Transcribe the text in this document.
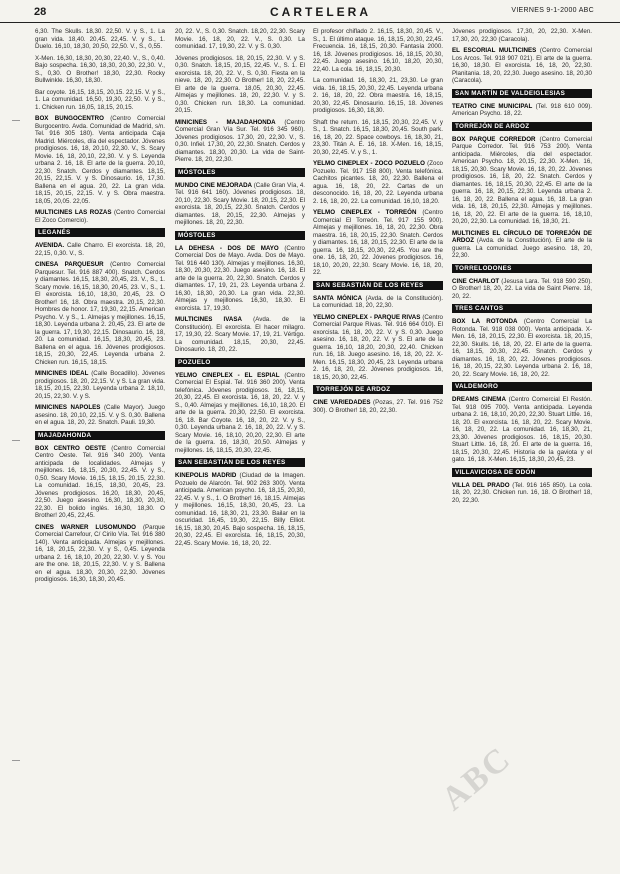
28	CARTELERA	VIERNES 9-1-2000 ABC

6,30. The Skulls. 18,30. 22,50. V. y S., 1. La gran vida. 18,40. 20,45. 22,45. V. y S., 1. Duelo. 16,10, 18,30, 20,50, 22,50. V., S., 0,55.

X-Men. 16,30, 18,30, 20,30, 22,40. V., S., 0,40. Bajo sospecha. 16,30, 18,30, 20,30, 22,30. V., S., 0,30. O Brother! 18,30, 22,30. Rocky Bullwinkle. 16,30, 18,30.

Bar coyote. 16,15, 18,15, 20,15. 22,15. V. y S., 1. La comunidad. 16,50, 19,30, 22,50. V. y S., 1. Chicken run. 16,05, 18,15, 20,15.

BOX BUNGOCENTRO (Centro Comercial Burgocentro. Avda. Comunidad de Madrid, s/n. Tel. 916 305 180). Venta anticipada Caja Madrid. Miércoles, día del espectador. Jóvenes prodigiosos. 16, 18, 20,10, 22,30. V., S. Scary Movie. 16, 18, 20,10, 22,30. V. y S. Leyenda urbana 2. 16, 18. El arte de la guerra. 20,10, 22,30. Snatch. Cerdos y diamantes. 18,15, 20,15, 22,15. V. y S. Dinosaurio. 16, 17,30. Ballena en el agua. 20, 22. La gran vida. 18,15, 20,15, 22,15. V. y S. Obra maestra. 18,05, 20,05. 22,05.

MULTICINES LAS ROZAS (Centro Comercial El Zoco Comercio).

LEGANÉS

AVENIDA. Calle Charro. El exorcista. 18, 20, 22,15, 0,30. V., S.

CINESA PARQUESUR (Centro Comercial Parquesur. Tel. 916 887 400). Snatch. Cerdos y diamantes. 16,15, 18,30, 20,45, 23. V., S., 1. Scary movie. 16,15, 18,30, 20,45, 23. V., S., 1. El exorcista. 16,10, 18,30, 20,45, 23. O Brother! 16, 18. Obra maestra. 20,15, 22,30. Hombres de honor. 17, 19,30, 22,15. American Psycho. V. y S., 1. Almejas y mejillones. 16,15, 18,30. Leyenda urbana 2. 20,45, 23. El arte de la guerra. 17, 19,30, 22,15. Dinosaurio. 16, 18, 20. La comunidad. 16,15, 18,30, 20,45, 23. Ballena en el agua. 16. Jóvenes prodigiosos. 18,15, 20,30, 22,45. Leyenda urbana 2. Chicken run. 16,15, 18,15.

MINICINES IDEAL (Calle Bocadillo). Jóvenes prodigiosos. 18, 20, 22,15. V. y S. La gran vida. 18,15, 20,15, 22,30. Leyenda urbana 2. 18,10, 20,15, 22,30. V. y S.

MINICINES NAPOLES (Calle Mayor). Juego asesino. 18, 20,10, 22,15. V. y S. 0,30. Ballena en el agua. 18, 20, 22. Snatch. Pauli. 19,30.

MAJADAHONDA

BOX CENTRO OESTE (Centro Comercial Centro Oeste. Tel. 916 340 200). Venta anticipada de localidades. Almejas y mejillones. 16, 18,15, 20,30, 22,45. V. y S., 0,50. Scary Movie. 16,15, 18,15, 20,15, 22,30. La comunidad. 16,15, 18,30, 20,45, 23. Jóvenes prodigiosos. 16,20, 18,30, 20,45, 22,50. Juego asesino. 16,30, 18,30, 20,30, 22,30. El bolido inglés. 16,30, 18,30. O Brother! 20,45, 22,45.

CINES WARNER LUSOMUNDO (Parque Comercial Carrefour, C/ Cirilo Vía. Tel. 916 380 140). Venta anticipada. Almejas y mejillones. 16, 18, 20,15, 22,30. V. y S., 0,45. Leyenda urbana 2. 16, 18,10, 20,20, 22,30. V. y S. You are the one. 18, 20,15, 22,30. V. y S. Ballena en el agua. 18,30, 20,30, 22,30. Jóvenes prodigiosos. 16,30, 18,30, 20,45.

20, 22. V., S. 0,30. Snatch. 18,20, 22,30. Scary Movie. 16, 18, 20, 22. V., S. 0,30. La comunidad. 17, 19,30, 22. V. y S. 0,30.

Jóvenes prodigiosos. 18, 20,15, 22,30. V. y S. 0,30. Snatch. 18,15, 20,15, 22,45. V., S. 1. El exorcista. 18, 20, 22. V., S. 0,30. Fiesta en la nieve. 18, 20, 22,30. O Brother! 18, 20, 22,45. El arte de la guerra. 18,05, 20,30, 22,45. Almejas y mejillones. 18, 20, 22,30. V. y S. 0,30. Chicken run. 18,30. La comunidad. 20,15.

MINICINES - MAJADAHONDA (Centro Comercial Gran Vía Sur. Tel. 916 345 960). Jóvenes prodigiosos. 17,30, 20, 22,30. V., S. 0,30. Infiel. 17,30, 20, 22,30. Snatch. Cerdos y diamantes. 18,30, 20,30. La vida de Saint-Pierre. 18, 20, 22,30.

MÓSTOLES

MUNDO CINE MEJORADA (Calle Gran Vía, 4. Tel. 916 641 160). Jóvenes prodigiosos. 18, 20,10, 22,30. Scary Movie. 18, 20,15, 22,30. El exorcista. 18, 20,15, 22,30. Snatch. Cerdos y diamantes. 18, 20,15, 22,30. Almejas y mejillones. 18, 20, 22,30.

MÓSTOLES

LA DEHESA - DOS DE MAYO (Centro Comercial Dos de Mayo. Avda. Dos de Mayo. Tel. 916 440 130). Almejas y mejillones. 16,30, 18,30, 20,30, 22,30. Juego asesino. 16, 18. El arte de la guerra. 20, 22,30. Snatch. Cerdos y diamantes. 17, 19, 21, 23. Leyenda urbana 2. 16,30, 18,30, 20,30. La gran vida. 22,30. Almejas y mejillones. 16,30, 18,30. El exorcista. 17, 19,30.

MULTICINES IVASA (Avda. de la Constitución). El exorcista. El hacer milagro. 17, 19,30, 22. Scary Movie. 17, 19, 21. Vértigo. La comunidad. 18,15, 20,30, 22,45. Dinosaurio. 18, 20, 22.

POZUELO

YELMO CINEPLEX - EL ESPIAL (Centro Comercial El Espial. Tel. 916 360 200). Venta telefónica. Jóvenes prodigiosos. 16, 18,15, 20,30, 22,45. El exorcista. 16, 18, 20, 22. V. y S., 0,40. Almejas y mejillones. 16,10, 18,20. El arte de la guerra. 20,30, 22,50. El exorcista. 16, 18. Bar Coyote. 16, 18, 20, 22. V. y S., 0,30. Leyenda urbana 2. 16, 18, 20, 22. V. y S. Scary Movie. 16, 18,10, 20,20, 22,30. El arte de la guerra. 16, 18,30, 20,50. Almejas y mejillones. 16, 18,15, 20,30, 22,45.

SAN SEBASTIÁN DE LOS REYES

KINEPOLIS MADRID (Ciudad de la Imagen. Pozuelo de Alarcón. Tel. 902 263 300). Venta anticipada. American psycho. 16, 18,15, 20,30, 22,45. V. y S., 1. O Brother! 16, 18,15. Almejas y mejillones. 16,15, 18,30, 20,45, 23. La comunidad. 16, 18,30, 21, 23,30. Bailar en la oscuridad. 16,45, 19,30, 22,15. Billy Elliot. 16,15, 18,30, 20,45. Bajo sospecha. 16, 18,15, 20,30, 22,45. El exorcista. 16, 18,15, 20,30, 22,45. Scary Movie. 16, 18, 20, 22.

El profesor chiflado 2. 16,15, 18,30, 20,45. V., S., 1. El último ataque. 16, 18,15, 20,30, 22,45. Frecuencia. 16, 18,15, 20,30. Fantasía 2000. 16, 18. Jóvenes prodigiosos. 16, 18,15, 20,30, 22,45. Juego asesino. 16,10, 18,20, 20,30, 22,40. La cola. 16, 18,15, 20,30.

La comunidad. 16, 18,30, 21, 23,30. Le gran vida. 16, 18,15, 20,30, 22,45. Leyenda urbana 2. 16, 18, 20, 22. Obra maestra. 16, 18,15, 20,30, 22,45. Dinosaurio. 16,15, 18. Jóvenes prodigiosos. 16,30, 18,30.

Shaft the return. 16, 18,15, 20,30, 22,45. V. y S., 1. Snatch. 16,15, 18,30, 20,45. South park. 16, 18, 20, 22. Space cowboys. 16, 18,30, 21, 23,30. Titán A. E. 16, 18. X-Men. 16, 18,15, 20,30, 22,45. V. y S., 1.

YELMO CINEPLEX - ZOCO POZUELO (Zoco Pozuelo. Tel. 917 158 800). Venta telefónica. Cachitos picantes. 18, 20, 22,30. Ballena el agua. 16, 18, 20, 22. Cartas de un desconocido. 16, 18, 20, 22. Leyenda urbana 2. 16, 18, 20, 22. La comunidad. 16,10, 18,20.

YELMO CINEPLEX - TORREÓN (Centro Comercial El Torreón. Tel. 917 155 900). Almejas y mejillones. 16, 18, 20, 22,30. Obra maestra. 16, 18, 20,15, 22,30. Snatch. Cerdos y diamantes. 16, 18, 20,15, 22,30. El arte de la guerra. 16, 18,15, 20,30, 22,45. You are the one. 16, 18, 20, 22. Jóvenes prodigiosos. 16, 18,10, 20,20, 22,30. Scary Movie. 16, 18, 20, 22.

SAN SEBASTIÁN DE LOS REYES

SANTA MÓNICA (Avda. de la Constitución). La comunidad. 18, 20, 22,30.

YELMO CINEPLEX - PARQUE RIVAS (Centro Comercial Parque Rivas. Tel. 916 664 010). El exorcista. 16, 18, 20, 22. V. y S. 0,30. Juego asesino. 16, 18, 20, 22. V. y S. El arte de la guerra. 16,10, 18,20, 20,30, 22,40. Chicken run. 16, 18. Juego asesino. 16, 18, 20, 22. X-Men. 16,15, 18,30, 20,45, 23. Leyenda urbana 2. 16, 18, 20, 22. Jóvenes prodigiosos. 16, 18,15, 20,30, 22,45.

TORREJÓN DE ARDOZ

CINE VARIEDADES (Pozas, 27. Tel. 916 752 300). O Brother! 18, 20, 22,30.

Jóvenes prodigiosos. 17,30, 20, 22,30. X-Men. 17,30, 20, 22,30 (Caracola).

EL ESCORIAL MULTICINES (Centro Comercial Los Arcos. Tel. 918 907 021). El arte de la guerra. 16,30, 18,30. El exorcista. 16, 18, 20, 22,30. Planitania. 18, 20, 22,30. Juego asesino. 18, 20,30 (Caracola).

SAN MARTÍN DE VALDEIGLESIAS

TEATRO CINE MUNICIPAL (Tel. 918 610 009). American Psycho. 18, 22.

TORREJÓN DE ARDOZ

BOX PARQUE CORREDOR (Centro Comercial Parque Corredor. Tel. 916 753 200). Venta anticipada. Miércoles, día del espectador. American Psycho. 18, 20,15, 22,30. X-Men. 16, 18,15, 20,30. Scary Movie. 16, 18, 20, 22. Jóvenes prodigiosos. 16, 18, 20, 22. Snatch. Cerdos y diamantes. 16, 18,15, 20,30, 22,45. El arte de la guerra. 16, 18, 20,15, 22,30. Leyenda urbana 2. 16, 18, 20, 22. Ballena el agua. 16, 18. La gran vida. 16, 18, 20,15, 22,30. Almejas y mejillones. 16, 18, 20, 22. El arte de la guerra. 16, 18,10, 20,20, 22,30. La comunidad. 16, 18,30, 21.

MULTICINES EL CÍRCULO DE TORREJÓN DE ARDOZ (Avda. de la Constitución). El arte de la guerra. La comunidad. Juego asesino. 18, 20, 22,30.

TORRELODONES

CINE CHARLOT (Jesusa Lara. Tel. 918 590 250). O Brother! 18, 20, 22. La vida de Saint Pierre. 18, 20, 22.

TRES CANTOS

BOX LA ROTONDA (Centro Comercial La Rotonda. Tel. 918 038 000). Venta anticipada. X-Men. 16, 18, 20,15, 22,30. El exorcista. 18, 20,15, 22,30. Skulls. 16, 18, 20, 22. El arte de la guerra. 16, 18,15, 20,30, 22,45. Snatch. Cerdos y diamantes. 16, 18, 20, 22. Jóvenes prodigiosos. 16, 18, 20,15, 22,30. Leyenda urbana 2. 16, 18, 20, 22. Scary Movie. 16, 18, 20, 22.

VALDEMORO

DREAMS CINEMA (Centro Comercial El Restón. Tel. 918 095 700). Venta anticipada. Leyenda urbana 2. 16, 18,10, 20,20, 22,30. Stuart Little. 16, 18, 20. El exorcista. 16, 18, 20, 22. Scary Movie. 16, 18, 20, 22. La comunidad. 16, 18,30, 21, 23,30. Jóvenes prodigiosos. 16, 18,15, 20,30. Stuart Little. 16, 18, 20. El arte de la guerra. 16, 18,15, 20,30, 22,45. Historia de la gaviota y el gato. 16, 18. X-Men. 16,15, 18,30, 20,45, 23.

VILLAVICIOSA DE ODÓN

VILLA DEL PRADO (Tel. 916 165 850). La cola. 18, 20, 22,30. Chicken run. 16, 18. O Brother! 18, 20, 22,30.

ABC
